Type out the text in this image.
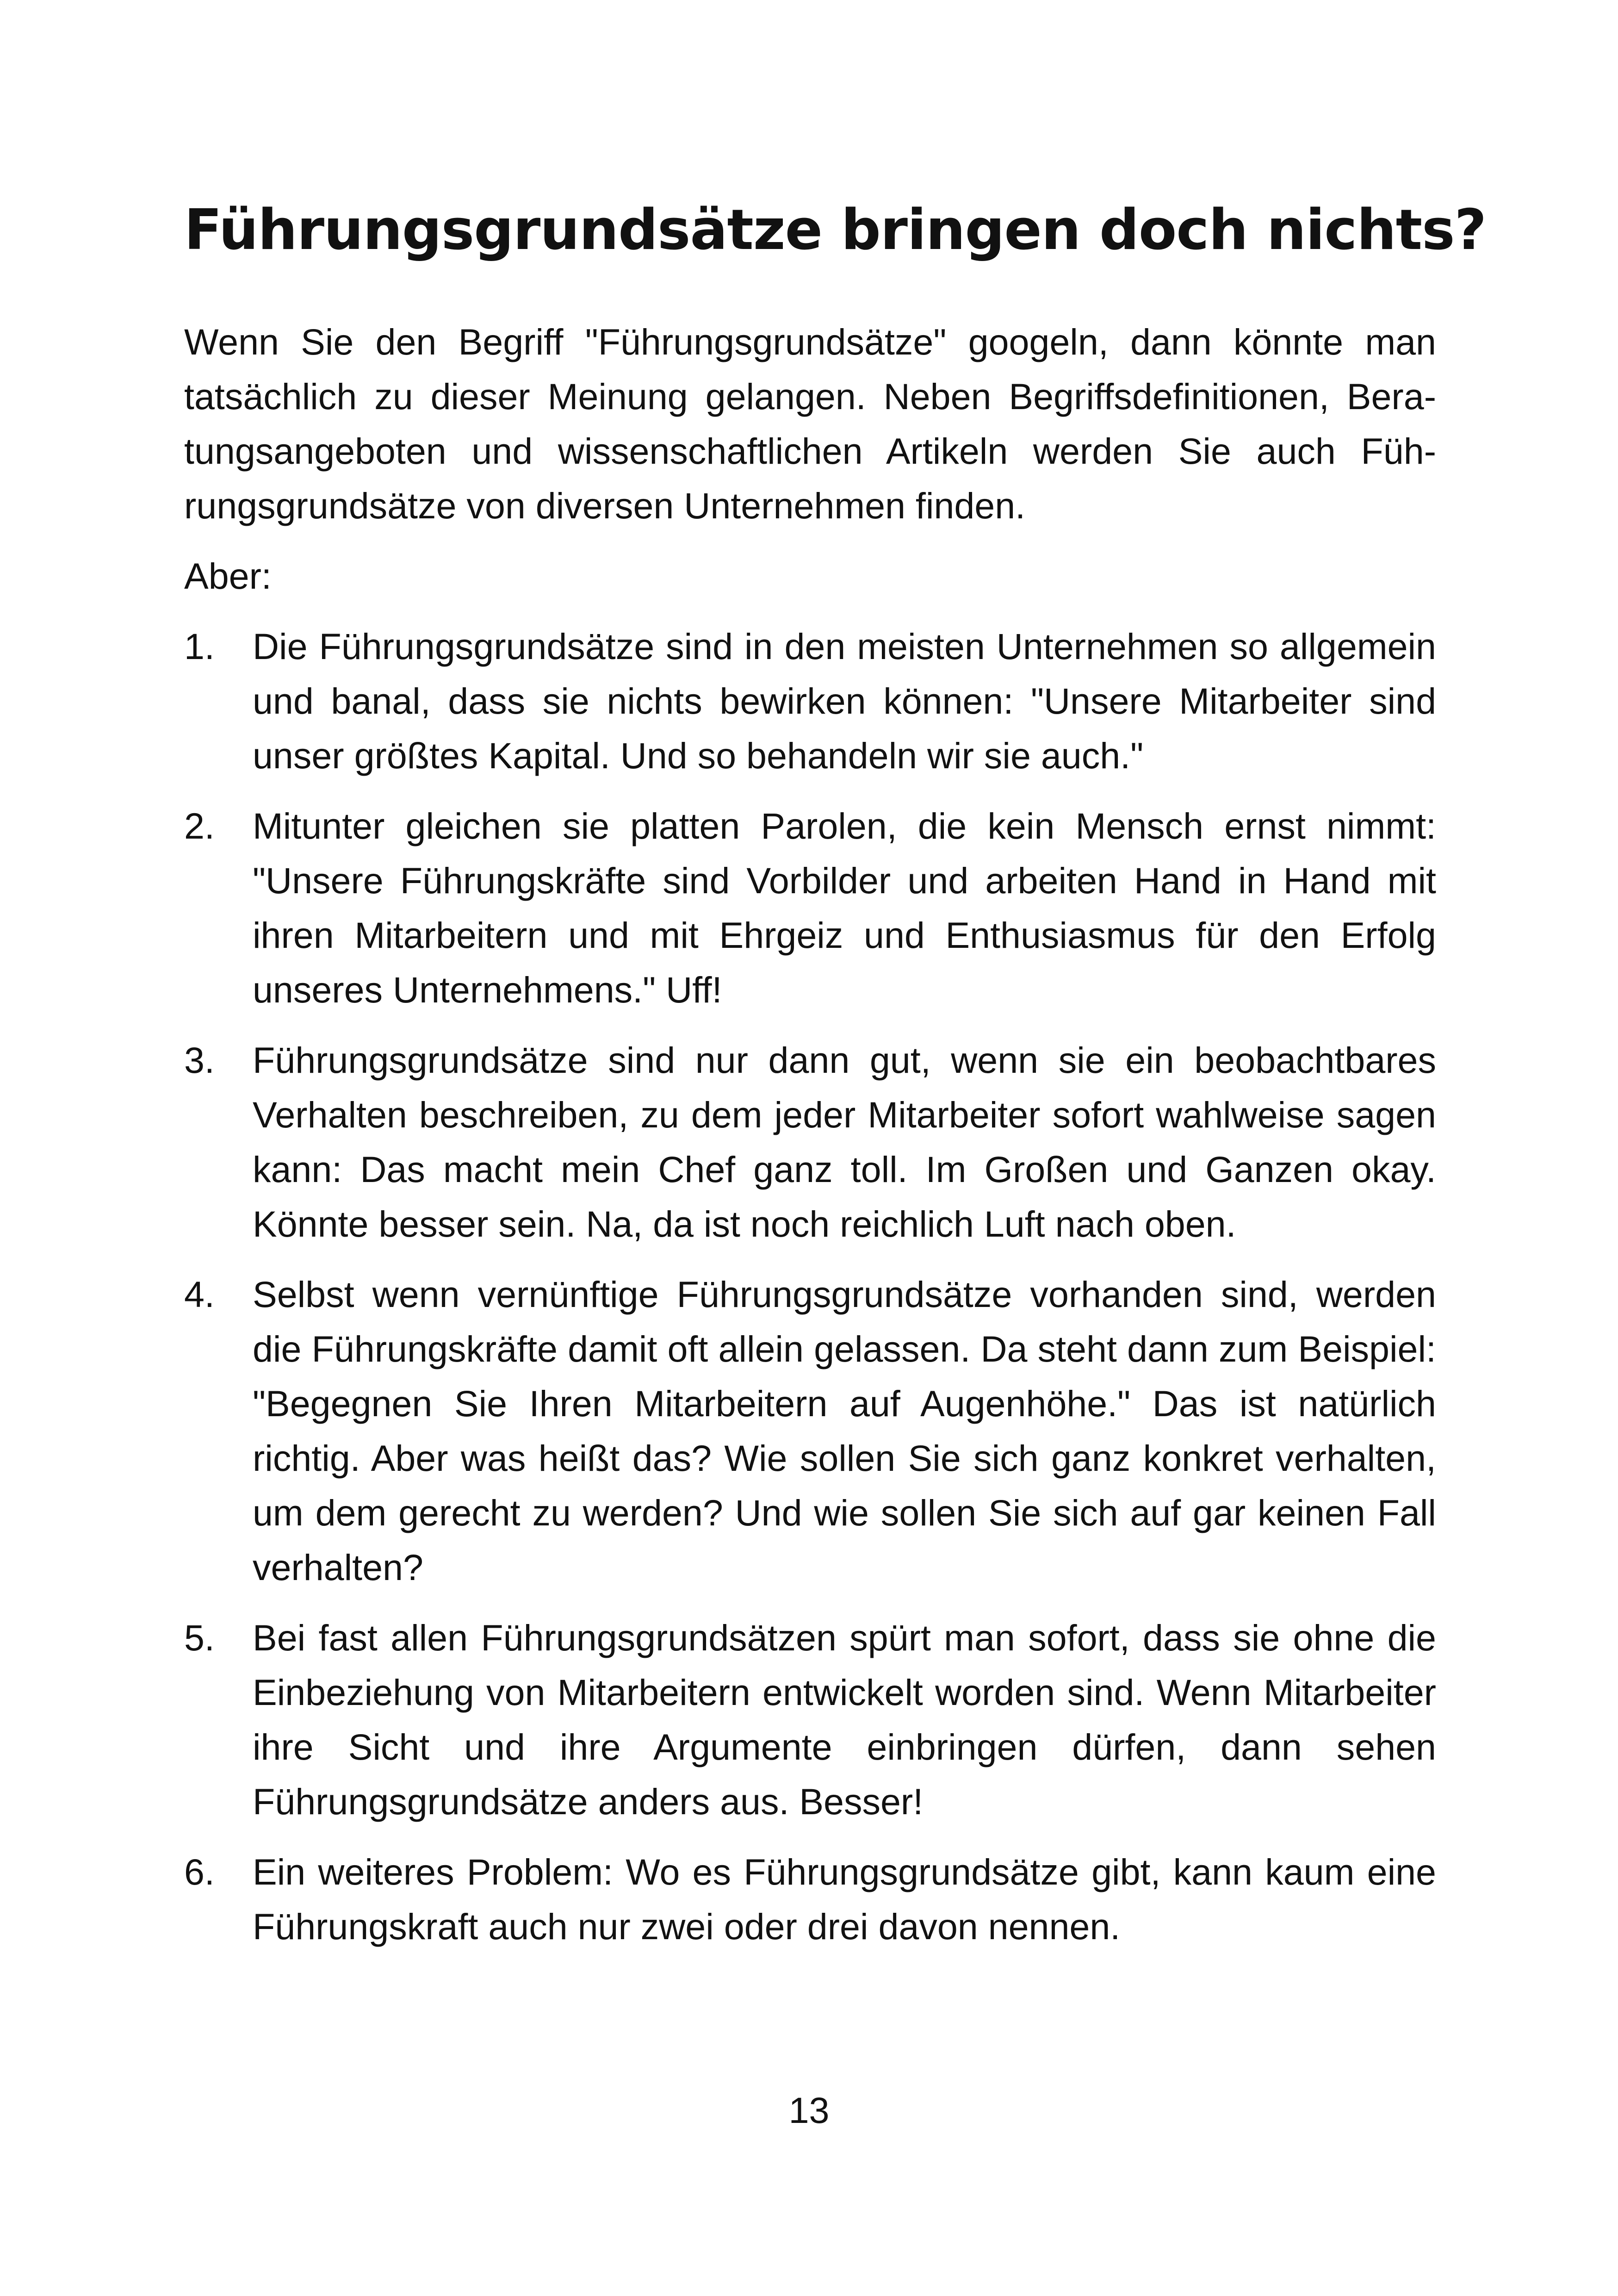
Führungsgrundsätze bringen doch nichts?

Wenn Sie den Begriff "Führungsgrundsätze" googeln, dann könnte man tatsächlich zu dieser Meinung gelangen. Neben Begriffsdefinitionen, Beratungsangeboten und wissenschaftlichen Artikeln werden Sie auch Führungsgrundsätze von diversen Unternehmen finden.

Aber:

1.	Die Führungsgrundsätze sind in den meisten Unternehmen so allgemein und banal, dass sie nichts bewirken können: "Unsere Mitarbeiter sind unser größtes Kapital. Und so behandeln wir sie auch."
2.	Mitunter gleichen sie platten Parolen, die kein Mensch ernst nimmt: "Unsere Führungskräfte sind Vorbilder und arbeiten Hand in Hand mit ihren Mitarbeitern und mit Ehrgeiz und Enthusiasmus für den Erfolg unseres Unternehmens." Uff!
3.	Führungsgrundsätze sind nur dann gut, wenn sie ein beobachtbares Verhalten beschreiben, zu dem jeder Mitarbeiter sofort wahlweise sagen kann: Das macht mein Chef ganz toll. Im Großen und Ganzen okay. Könnte besser sein. Na, da ist noch reichlich Luft nach oben.
4.	Selbst wenn vernünftige Führungsgrundsätze vorhanden sind, werden die Führungskräfte damit oft allein gelassen. Da steht dann zum Beispiel: "Begegnen Sie Ihren Mitarbeitern auf Augenhöhe." Das ist natürlich richtig. Aber was heißt das? Wie sollen Sie sich ganz konkret verhalten, um dem gerecht zu werden? Und wie sollen Sie sich auf gar keinen Fall verhalten?
5.	Bei fast allen Führungsgrundsätzen spürt man sofort, dass sie ohne die Einbeziehung von Mitarbeitern entwickelt worden sind. Wenn Mitarbeiter ihre Sicht und ihre Argumente einbringen dürfen, dann sehen Führungsgrundsätze anders aus. Besser!
6.	Ein weiteres Problem: Wo es Führungsgrundsätze gibt, kann kaum eine Führungskraft auch nur zwei oder drei davon nennen.
13
